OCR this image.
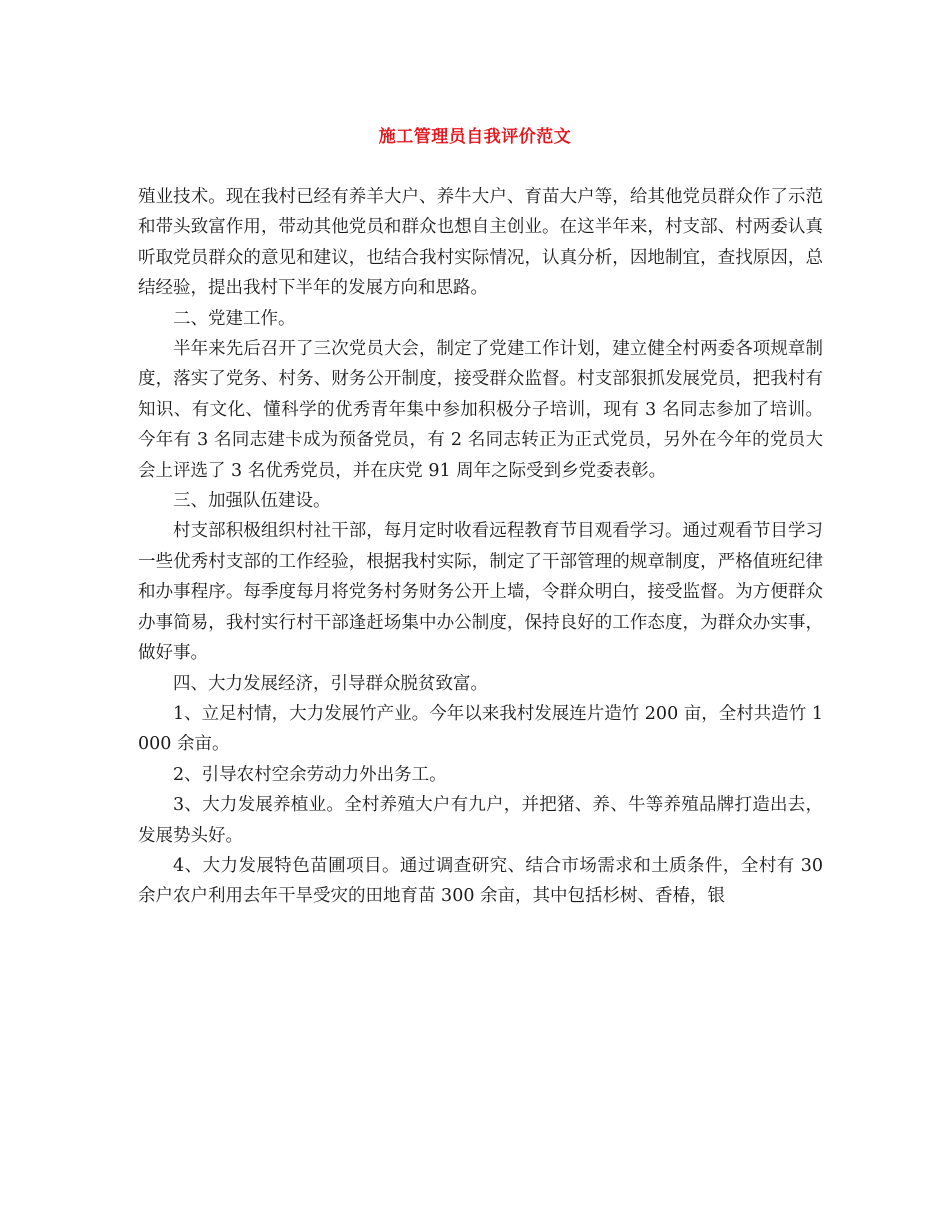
施工管理员自我评价范文

殖业技术。现在我村已经有养羊大户、养牛大户、育苗大户等，给其他党员群众作了示范和带头致富作用，带动其他党员和群众也想自主创业。在这半年来，村支部、村两委认真听取党员群众的意见和建议，也结合我村实际情况，认真分析，因地制宜，查找原因，总结经验，提出我村下半年的发展方向和思路。

二、党建工作。

半年来先后召开了三次党员大会，制定了党建工作计划，建立健全村两委各项规章制度，落实了党务、村务、财务公开制度，接受群众监督。村支部狠抓发展党员，把我村有知识、有文化、懂科学的优秀青年集中参加积极分子培训，现有 3 名同志参加了培训。今年有 3 名同志建卡成为预备党员，有 2 名同志转正为正式党员，另外在今年的党员大会上评选了 3 名优秀党员，并在庆党 91 周年之际受到乡党委表彰。

三、加强队伍建设。

村支部积极组织村社干部，每月定时收看远程教育节目观看学习。通过观看节目学习一些优秀村支部的工作经验，根据我村实际，制定了干部管理的规章制度，严格值班纪律和办事程序。每季度每月将党务村务财务公开上墙，令群众明白，接受监督。为方便群众办事简易，我村实行村干部逢赶场集中办公制度，保持良好的工作态度，为群众办实事，做好事。

四、大力发展经济，引导群众脱贫致富。

1、立足村情，大力发展竹产业。今年以来我村发展连片造竹 200 亩，全村共造竹 1000 余亩。

2、引导农村空余劳动力外出务工。

3、大力发展养植业。全村养殖大户有九户，并把猪、养、牛等养殖品牌打造出去，发展势头好。

4、大力发展特色苗圃项目。通过调查研究、结合市场需求和土质条件，全村有 30 余户农户利用去年干旱受灾的田地育苗 300 余亩，其中包括杉树、香椿，银
